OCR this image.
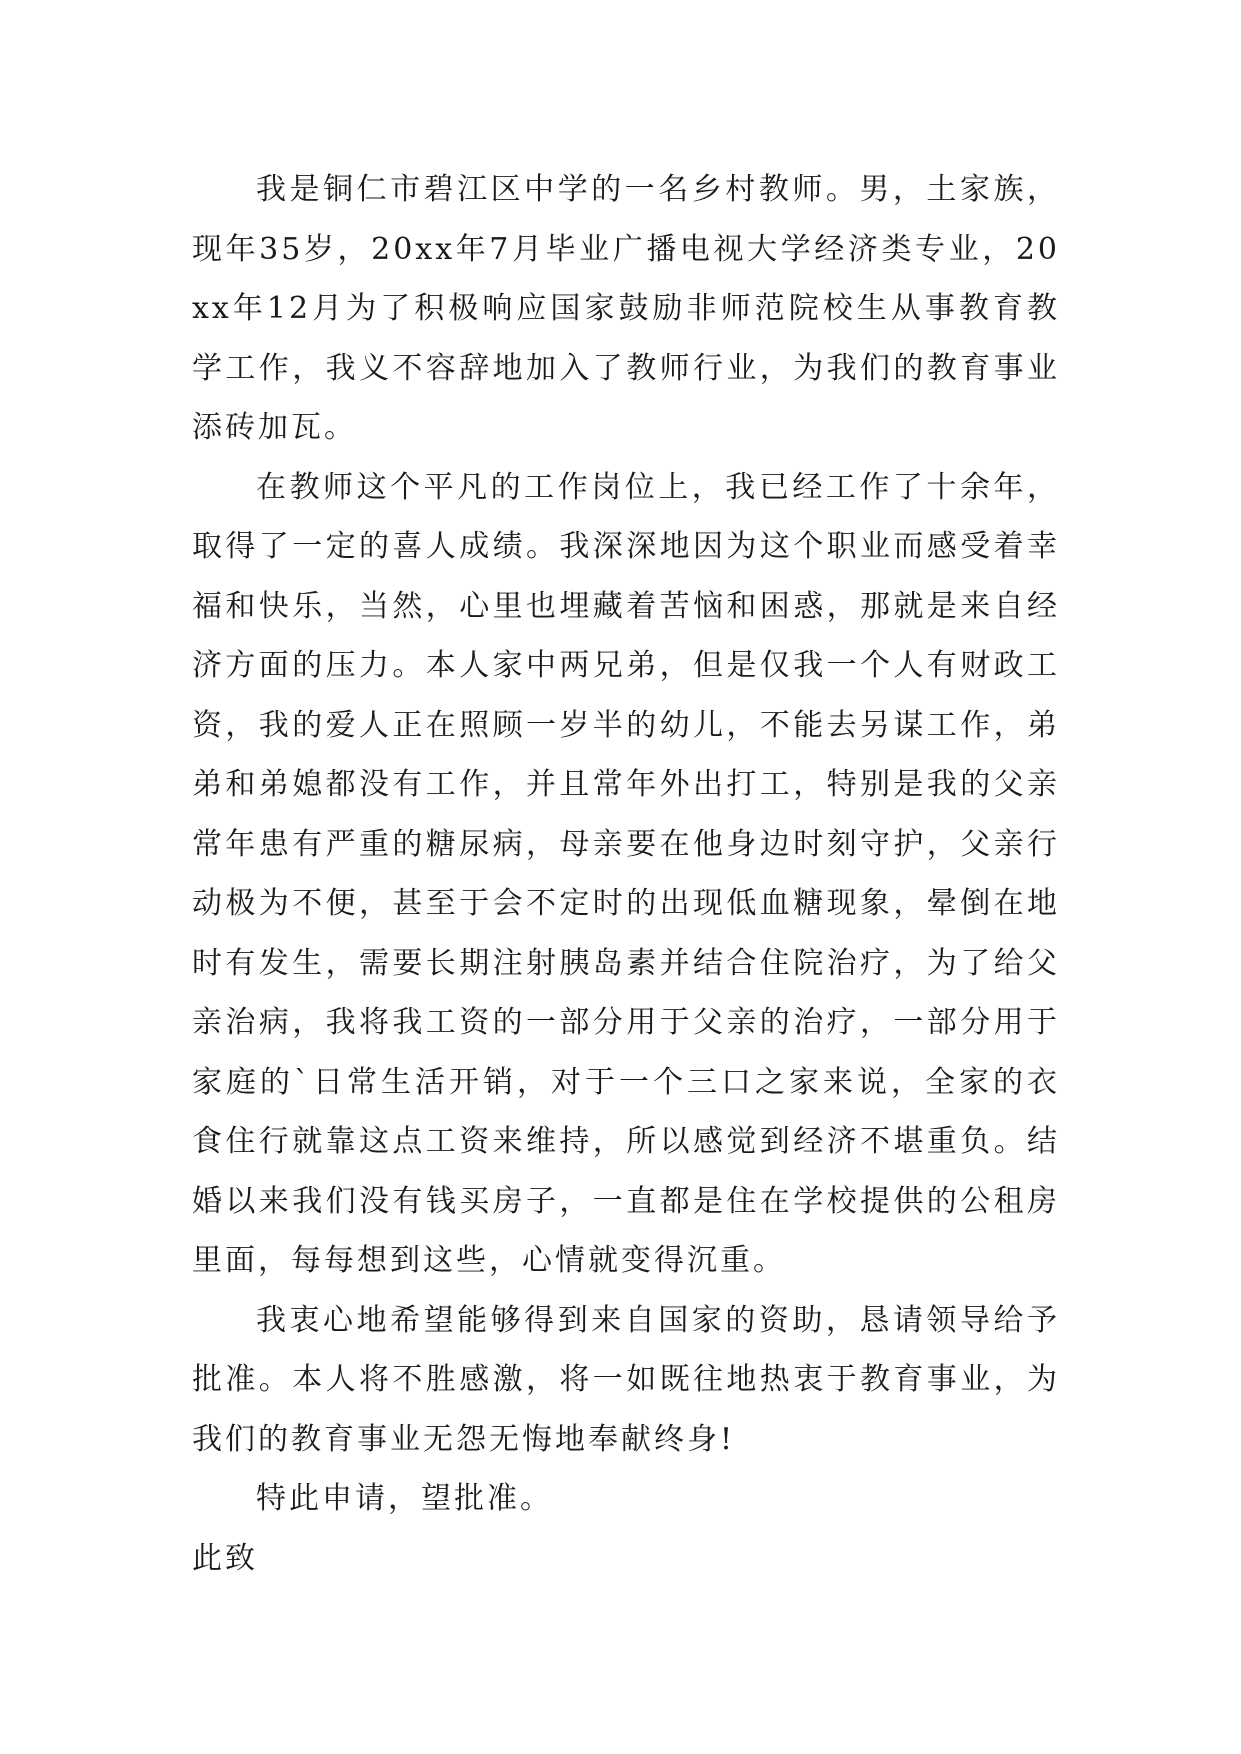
我是铜仁市碧江区中学的一名乡村教师。男，土家族，现年35岁，20xx年7月毕业广播电视大学经济类专业，20xx年12月为了积极响应国家鼓励非师范院校生从事教育教学工作，我义不容辞地加入了教师行业，为我们的教育事业添砖加瓦。

在教师这个平凡的工作岗位上，我已经工作了十余年，取得了一定的喜人成绩。我深深地因为这个职业而感受着幸福和快乐，当然，心里也埋藏着苦恼和困惑，那就是来自经济方面的压力。本人家中两兄弟，但是仅我一个人有财政工资，我的爱人正在照顾一岁半的幼儿，不能去另谋工作，弟弟和弟媳都没有工作，并且常年外出打工，特别是我的父亲常年患有严重的糖尿病，母亲要在他身边时刻守护，父亲行动极为不便，甚至于会不定时的出现低血糖现象，晕倒在地时有发生，需要长期注射胰岛素并结合住院治疗，为了给父亲治病，我将我工资的一部分用于父亲的治疗，一部分用于家庭的`日常生活开销，对于一个三口之家来说，全家的衣食住行就靠这点工资来维持，所以感觉到经济不堪重负。结婚以来我们没有钱买房子，一直都是住在学校提供的公租房里面，每每想到这些，心情就变得沉重。

我衷心地希望能够得到来自国家的资助，恳请领导给予批准。本人将不胜感激，将一如既往地热衷于教育事业，为我们的教育事业无怨无悔地奉献终身!

特此申请，望批准。

此致
